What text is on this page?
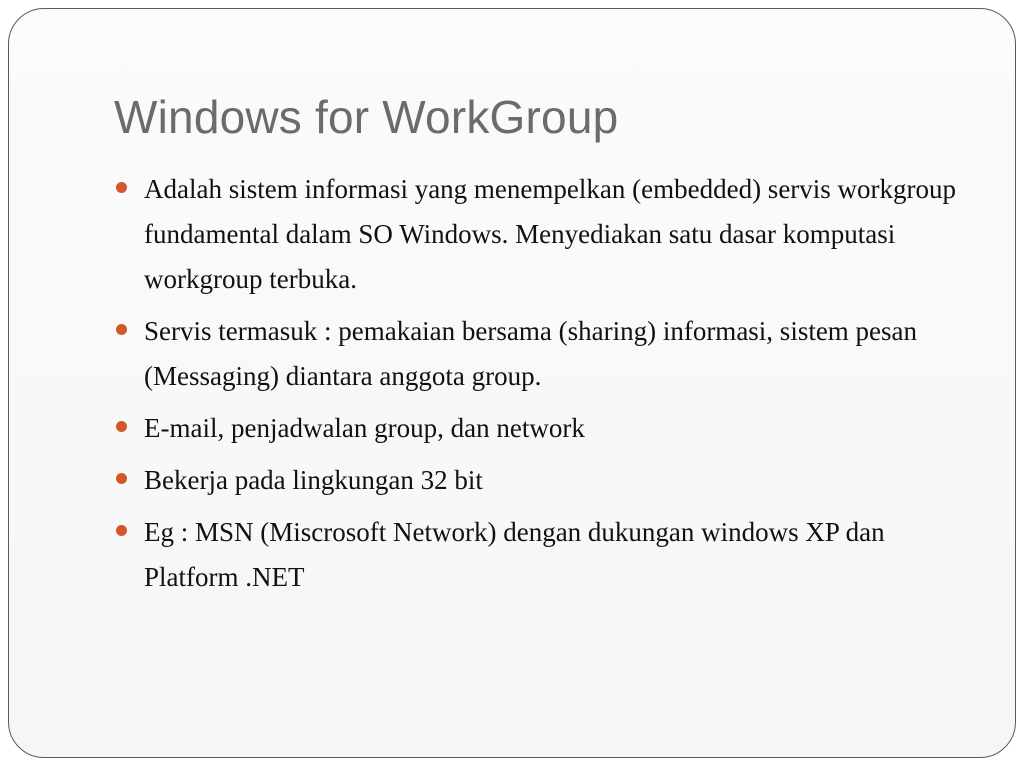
Windows for WorkGroup
Adalah sistem informasi yang menempelkan (embedded) servis workgroup fundamental dalam SO Windows. Menyediakan satu dasar komputasi workgroup terbuka.
Servis termasuk : pemakaian bersama (sharing) informasi, sistem pesan (Messaging) diantara anggota group.
E-mail, penjadwalan group, dan network
Bekerja pada lingkungan 32 bit
Eg : MSN (Miscrosoft Network) dengan dukungan windows XP dan Platform .NET
